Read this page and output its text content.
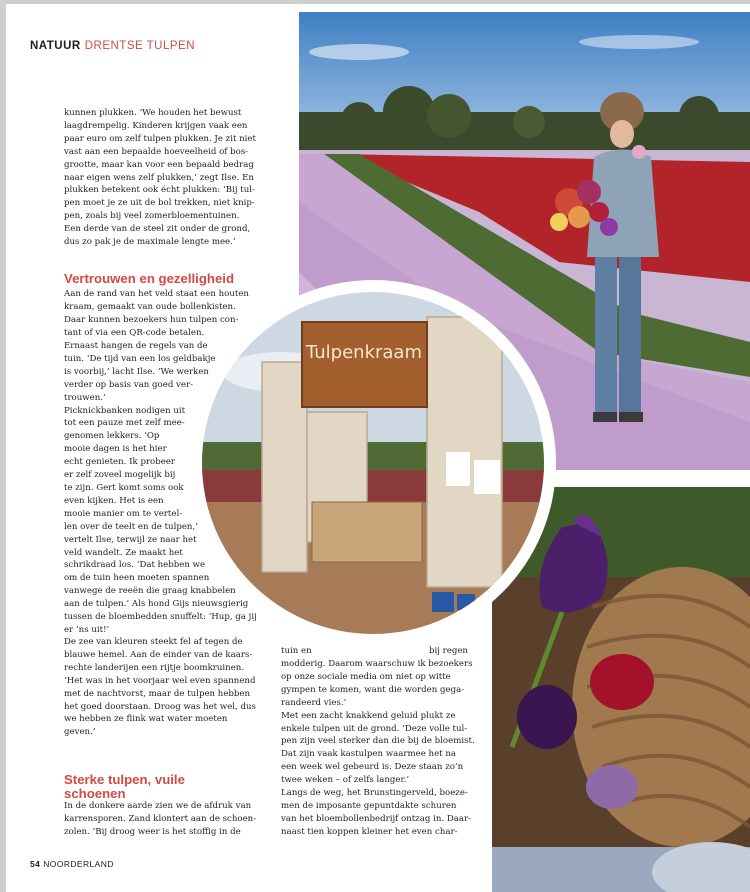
Tulpenkraam
NATUUR DRENTSE TULPEN
kunnen plukken. ‘We houden het bewust
laagdrempelig. Kinderen krijgen vaak een
paar euro om zelf tulpen plukken. Je zit niet
vast aan een bepaalde hoeveelheid of bos-
grootte, maar kan voor een bepaald bedrag
naar eigen wens zelf plukken,’ zegt Ilse. En
plukken betekent ook écht plukken: ‘Bij tul-
pen moet je ze uit de bol trekken, niet knip-
pen, zoals bij veel zomerbloementuinen.
Een derde van de steel zit onder de grond,
dus zo pak je de maximale lengte mee.’
Vertrouwen en gezelligheid
Aan de rand van het veld staat een houten
kraam, gemaakt van oude bollenkisten.
Daar kunnen bezoekers hun tulpen con-
tant of via een QR-code betalen.
Ernaast hangen de regels van de
tuin. ‘De tijd van een los geldbakje
is voorbij,’ lacht Ilse. ‘We werken
verder op basis van goed ver-
trouwen.’
Picknickbanken nodigen uit
tot een pauze met zelf mee-
genomen lekkers. ‘Op
mooie dagen is het hier
echt genieten. Ik probeer
er zelf zoveel mogelijk bij
te zijn. Gert komt soms ook
even kijken. Het is een
mooie manier om te vertel-
len over de teelt en de tulpen,’
vertelt Ilse, terwijl ze naar het
veld wandelt. Ze maakt het
schrikdraad los. ‘Dat hebben we
om de tuin heen moeten spannen
vanwege de reeën die graag knabbelen
aan de tulpen.’ Als hond Gijs nieuwsgierig
tussen de bloembedden snuffelt: ‘Hup, ga jij
er ’ns uit!’
De zee van kleuren steekt fel af tegen de
blauwe hemel. Aan de einder van de kaars-
rechte landerijen een rijtje boomkruinen.
‘Het was in het voorjaar wel even spannend
met de nachtvorst, maar de tulpen hebben
het goed doorstaan. Droog was het wel, dus
we hebben ze flink wat water moeten
geven.’
Sterke tulpen, vuile
schoenen
In de donkere aarde zien we de afdruk van
karrensporen. Zand klontert aan de schoen-
zolen. ‘Bij droog weer is het stoffig in de
tuin en	bij regen
modderig. Daarom waarschuw ik bezoekers
op onze sociale media om niet op witte
gympen te komen, want die worden gega-
randeerd vies.’
Met een zacht knakkend geluid plukt ze
enkele tulpen uit de grond. ‘Deze volle tul-
pen zijn veel sterker dan die bij de bloemist.
Dat zijn vaak kastulpen waarmee het na
een week wel gebeurd is. Deze staan zo’n
twee weken – of zelfs langer.’
Langs de weg, het Brunstingerveld, boeze-
men de imposante gepuntdakte schuren
van het bloembollenbedrijf ontzag in. Daar-
naast tien koppen kleiner het even char-
54 NOORDERLAND
